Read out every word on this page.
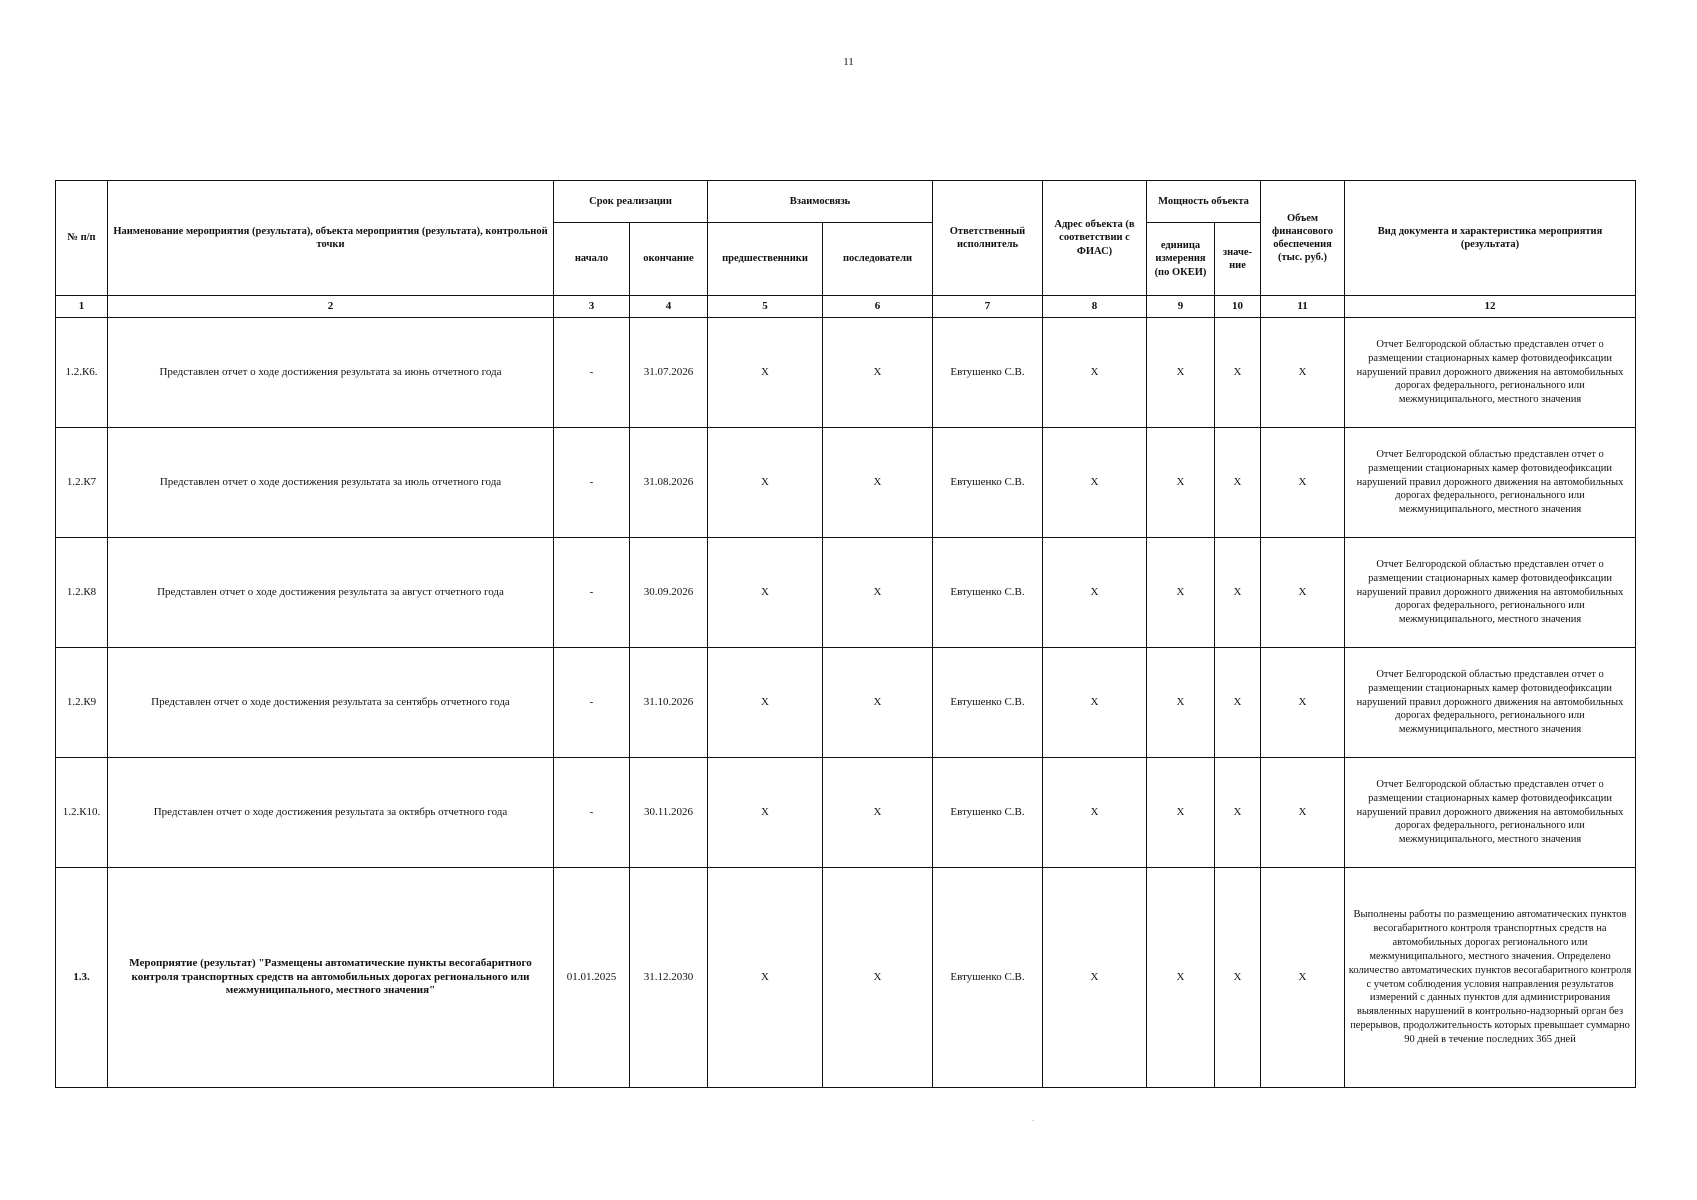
11
№ п/п	Наименование мероприятия (результата), объекта мероприятия (результата), контрольной точки	Срок реализации		Взаимосвязь		Ответственный исполнитель	Адрес объекта (в соответствии с ФИАС)	Мощность объекта		Объем финансового обеспечения (тыс. руб.)	Вид документа и характеристика мероприятия (результата)
		начало	окончание	предшественники	последователи			единица измерения (по ОКЕИ)	значе-ние		
1	2	3	4	5	6	7	8	9	10	11	12
1.2.К6.	Представлен отчет о ходе достижения результата за июнь отчетного года	-	31.07.2026	X	X	Евтушенко С.В.	X	X	X	X	Отчет Белгородской областью представлен отчет о размещении стационарных камер фотовидеофиксации нарушений правил дорожного движения на автомобильных дорогах федерального, регионального или межмуниципального, местного значения
1.2.К7	Представлен отчет о ходе достижения результата за июль отчетного года	-	31.08.2026	X	X	Евтушенко С.В.	X	X	X	X	Отчет Белгородской областью представлен отчет о размещении стационарных камер фотовидеофиксации нарушений правил дорожного движения на автомобильных дорогах федерального, регионального или межмуниципального, местного значения
1.2.К8	Представлен отчет о ходе достижения результата за август отчетного года	-	30.09.2026	X	X	Евтушенко С.В.	X	X	X	X	Отчет Белгородской областью представлен отчет о размещении стационарных камер фотовидеофиксации нарушений правил дорожного движения на автомобильных дорогах федерального, регионального или межмуниципального, местного значения
1.2.К9	Представлен отчет о ходе достижения результата за сентябрь отчетного года	-	31.10.2026	X	X	Евтушенко С.В.	X	X	X	X	Отчет Белгородской областью представлен отчет о размещении стационарных камер фотовидеофиксации нарушений правил дорожного движения на автомобильных дорогах федерального, регионального или межмуниципального, местного значения
1.2.К10.	Представлен отчет о ходе достижения результата за октябрь отчетного года	-	30.11.2026	X	X	Евтушенко С.В.	X	X	X	X	Отчет Белгородской областью представлен отчет о размещении стационарных камер фотовидеофиксации нарушений правил дорожного движения на автомобильных дорогах федерального, регионального или межмуниципального, местного значения
1.3.	Мероприятие (результат) "Размещены автоматические пункты весогабаритного контроля транспортных средств на автомобильных дорогах регионального или межмуниципального, местного значения"	01.01.2025	31.12.2030	X	X	Евтушенко С.В.	X	X	X	X	Выполнены работы по размещению автоматических пунктов весогабаритного контроля транспортных средств на автомобильных дорогах регионального или межмуниципального, местного значения. Определено количество автоматических пунктов весогабаритного контроля с учетом соблюдения условия направления результатов измерений с данных пунктов для администрирования выявленных нарушений в контрольно-надзорный орган без перерывов, продолжительность которых превышает суммарно 90 дней в течение последних 365 дней
.
